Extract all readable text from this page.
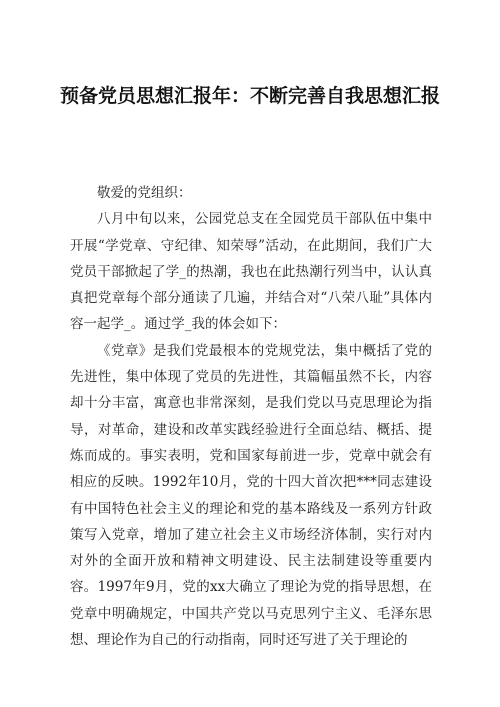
预备党员思想汇报年：不断完善自我思想汇报

敬爱的党组织：

八月中旬以来，公园党总支在全园党员干部队伍中集中开展“学党章、守纪律、知荣辱”活动，在此期间，我们广大党员干部掀起了学_的热潮，我也在此热潮行列当中，认认真真把党章每个部分通读了几遍，并结合对“八荣八耻”具体内容一起学_。通过学_我的体会如下：

《党章》是我们党最根本的党规党法，集中概括了党的先进性，集中体现了党员的先进性，其篇幅虽然不长，内容却十分丰富，寓意也非常深刻，是我们党以马克思理论为指导，对革命，建设和改革实践经验进行全面总结、概括、提炼而成的。事实表明，党和国家每前进一步，党章中就会有相应的反映。1992年10月，党的十四大首次把***同志建设有中国特色社会主义的理论和党的基本路线及一系列方针政策写入党章，增加了建立社会主义市场经济体制，实行对内对外的全面开放和精神文明建设、民主法制建设等重要内容。1997年9月，党的xx大确立了理论为党的指导思想，在党章中明确规定，中国共产党以马克思列宁主义、毛泽东思想、理论作为自己的行动指南，同时还写进了关于理论的
